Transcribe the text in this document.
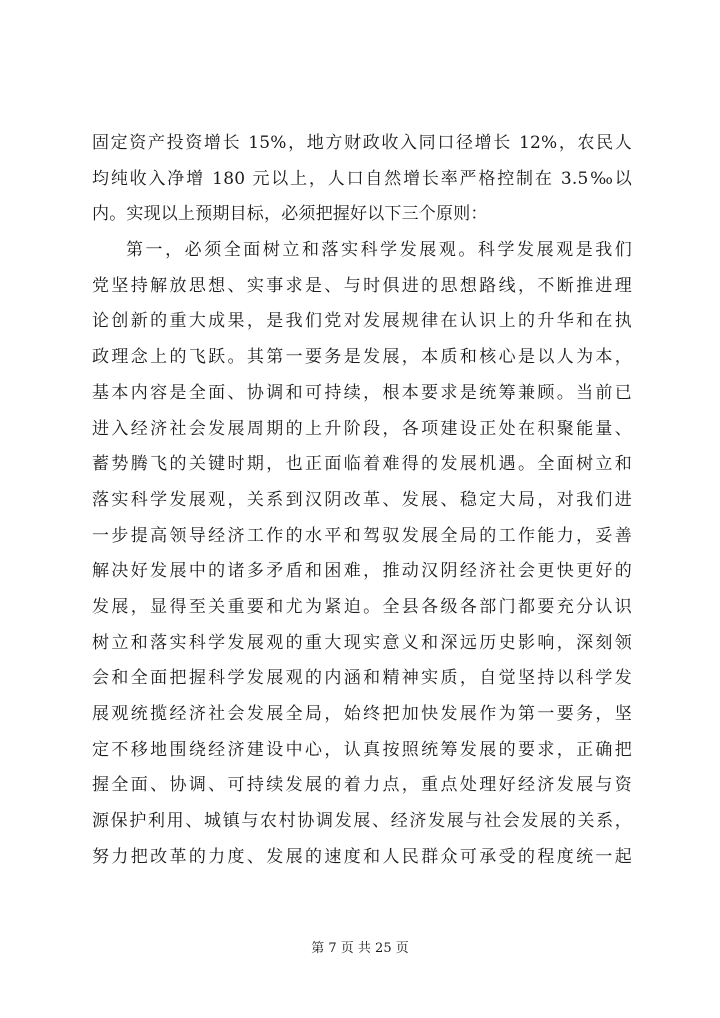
固定资产投资增长 15%，地方财政收入同口径增长 12%，农民人
均纯收入净增 180 元以上，人口自然增长率严格控制在 3.5‰以
内。实现以上预期目标，必须把握好以下三个原则：
第一，必须全面树立和落实科学发展观。科学发展观是我们
党坚持解放思想、实事求是、与时俱进的思想路线，不断推进理
论创新的重大成果，是我们党对发展规律在认识上的升华和在执
政理念上的飞跃。其第一要务是发展，本质和核心是以人为本，
基本内容是全面、协调和可持续，根本要求是统筹兼顾。当前已
进入经济社会发展周期的上升阶段，各项建设正处在积聚能量、
蓄势腾飞的关键时期，也正面临着难得的发展机遇。全面树立和
落实科学发展观，关系到汉阴改革、发展、稳定大局，对我们进
一步提高领导经济工作的水平和驾驭发展全局的工作能力，妥善
解决好发展中的诸多矛盾和困难，推动汉阴经济社会更快更好的
发展，显得至关重要和尤为紧迫。全县各级各部门都要充分认识
树立和落实科学发展观的重大现实意义和深远历史影响，深刻领
会和全面把握科学发展观的内涵和精神实质，自觉坚持以科学发
展观统揽经济社会发展全局，始终把加快发展作为第一要务，坚
定不移地围绕经济建设中心，认真按照统筹发展的要求，正确把
握全面、协调、可持续发展的着力点，重点处理好经济发展与资
源保护利用、城镇与农村协调发展、经济发展与社会发展的关系，
努力把改革的力度、发展的速度和人民群众可承受的程度统一起
第 7 页 共 25 页
